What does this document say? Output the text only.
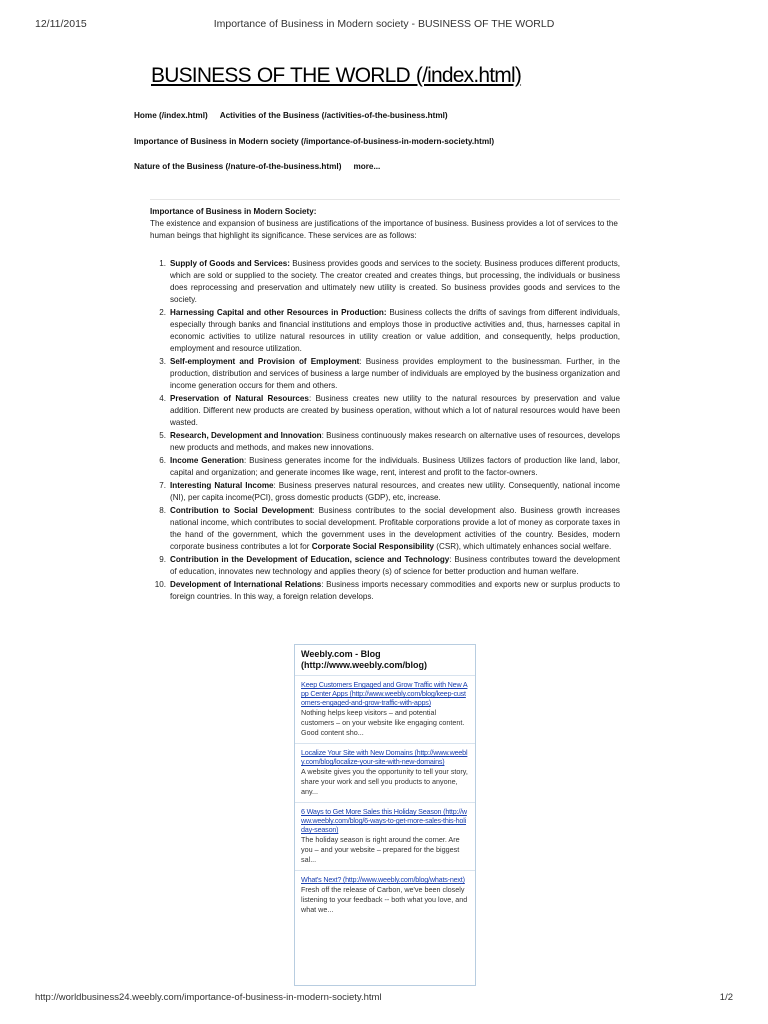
12/11/2015	Importance of Business in Modern society - BUSINESS OF THE WORLD
BUSINESS OF THE WORLD (/index.html)
Home (/index.html) Activities of the Business (/activities-of-the-business.html)
Importance of Business in Modern society (/importance-of-business-in-modern-society.html)
Nature of the Business (/nature-of-the-business.html) more...
Importance of Business in Modern Society:

The existence and expansion of business are justifications of the importance of business. Business provides a lot of services to the human beings that highlight its significance. These services are as follows:

1. Supply of Goods and Services: Business provides goods and services to the society. Business produces different products, which are sold or supplied to the society. The creator created and creates things, but processing, the individuals or business does reprocessing and preservation and ultimately new utility is created. So business provides goods and services to the society.
2. Harnessing Capital and other Resources in Production: Business collects the drifts of savings from different individuals, especially through banks and financial institutions and employs those in productive activities and, thus, harnesses capital in economic activities to utilize natural resources in utility creation or value addition, and consequently, helps production, employment and resource utilization.
3. Self-employment and Provision of Employment: Business provides employment to the businessman. Further, in the production, distribution and services of business a large number of individuals are employed by the business organization and income generation occurs for them and others.
4. Preservation of Natural Resources: Business creates new utility to the natural resources by preservation and value addition. Different new products are created by business operation, without which a lot of natural resources would have been wasted.
5. Research, Development and Innovation: Business continuously makes research on alternative uses of resources, develops new products and methods, and makes new innovations.
6. Income Generation: Business generates income for the individuals. Business Utilizes factors of production like land, labor, capital and organization; and generate incomes like wage, rent, interest and profit to the factor-owners.
7. Interesting Natural Income: Business preserves natural resources, and creates new utility. Consequently, national income (NI), per capita income(PCI), gross domestic products (GDP), etc, increase.
8. Contribution to Social Development: Business contributes to the social development also. Business growth increases national income, which contributes to social development. Profitable corporations provide a lot of money as corporate taxes in the hand of the government, which the government uses in the development activities of the country. Besides, modern corporate business contributes a lot for Corporate Social Responsibility (CSR), which ultimately enhances social welfare.
9. Contribution in the Development of Education, science and Technology: Business contributes toward the development of education, innovates new technology and applies theory (s) of science for better production and human welfare.
10. Development of International Relations: Business imports necessary commodities and exports new or surplus products to foreign countries. In this way, a foreign relation develops.
Weebly.com - Blog (http://www.weebly.com/blog)
Keep Customers Engaged and Grow Traffic with New App Center Apps (http://www.weebly.com/blog/keep-customers-engaged-and-grow-traffic-with-apps)
Nothing helps keep visitors – and potential customers – on your website like engaging content. Good content sho...
Localize Your Site with New Domains (http://www.weebly.com/blog/localize-your-site-with-new-domains)
A website gives you the opportunity to tell your story, share your work and sell you products to anyone, any...
6 Ways to Get More Sales this Holiday Season (http://www.weebly.com/blog/6-ways-to-get-more-sales-this-holiday-season)
The holiday season is right around the corner. Are you – and your website – prepared for the biggest sal...
What's Next? (http://www.weebly.com/blog/whats-next)
Fresh off the release of Carbon, we've been closely listening to your feedback -- both what you love, and what we...
http://worldbusiness24.weebly.com/importance-of-business-in-modern-society.html	1/2
